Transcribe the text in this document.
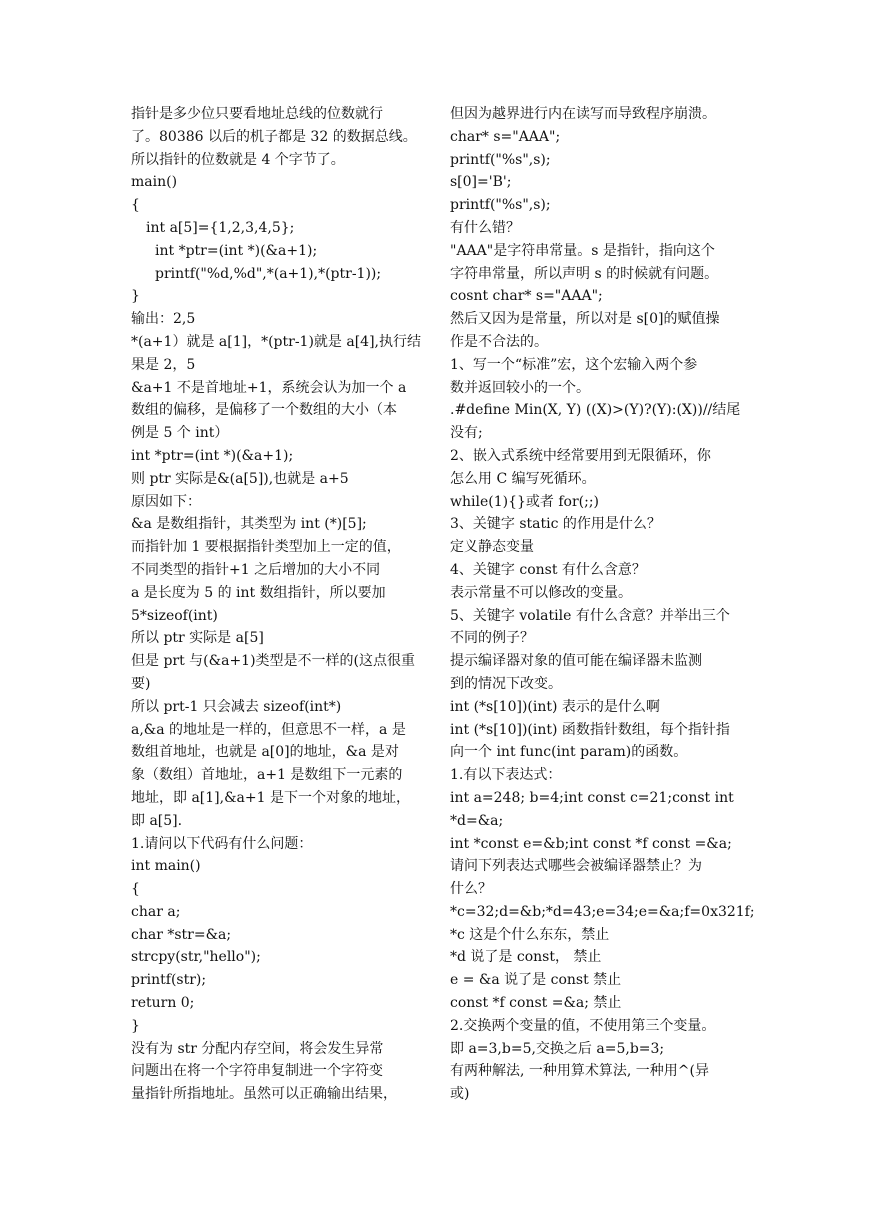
指针是多少位只要看地址总线的位数就行
了。80386 以后的机子都是 32 的数据总线。
所以指针的位数就是 4 个字节了。
main()
{
int a[5]={1,2,3,4,5};
int *ptr=(int *)(&a+1);
printf("%d,%d",*(a+1),*(ptr-1));
}
输出：2,5
*(a+1）就是 a[1]，*(ptr-1)就是 a[4],执行结
果是 2，5
&a+1 不是首地址+1，系统会认为加一个 a
数组的偏移，是偏移了一个数组的大小（本
例是 5 个 int）
int *ptr=(int *)(&a+1);
则 ptr 实际是&(a[5]),也就是 a+5
原因如下：
&a 是数组指针，其类型为 int (*)[5];
而指针加 1 要根据指针类型加上一定的值，
不同类型的指针+1 之后增加的大小不同
a 是长度为 5 的 int 数组指针，所以要加
5*sizeof(int)
所以 ptr 实际是 a[5]
但是 prt 与(&a+1)类型是不一样的(这点很重
要)
所以 prt-1 只会减去 sizeof(int*)
a,&a 的地址是一样的，但意思不一样，a 是
数组首地址，也就是 a[0]的地址，&a 是对
象（数组）首地址，a+1 是数组下一元素的
地址，即 a[1],&a+1 是下一个对象的地址，
即 a[5].
1.请问以下代码有什么问题：
int main()
{
char a;
char *str=&a;
strcpy(str,"hello");
printf(str);
return 0;
}
没有为 str 分配内存空间，将会发生异常
问题出在将一个字符串复制进一个字符变
量指针所指地址。虽然可以正确输出结果，
但因为越界进行内在读写而导致程序崩溃。
char* s="AAA";
printf("%s",s);
s[0]='B';
printf("%s",s);
有什么错？
"AAA"是字符串常量。s 是指针，指向这个
字符串常量，所以声明 s 的时候就有问题。
cosnt char* s="AAA";
然后又因为是常量，所以对是 s[0]的赋值操
作是不合法的。
1、写一个“标准”宏，这个宏输入两个参
数并返回较小的一个。
.#define Min(X, Y) ((X)>(Y)?(Y):(X))//结尾
没有;
2、嵌入式系统中经常要用到无限循环，你
怎么用 C 编写死循环。
while(1){}或者 for(;;)
3、关键字 static 的作用是什么？
定义静态变量
4、关键字 const 有什么含意？
表示常量不可以修改的变量。
5、关键字 volatile 有什么含意？并举出三个
不同的例子？
提示编译器对象的值可能在编译器未监测
到的情况下改变。
int (*s[10])(int) 表示的是什么啊
int (*s[10])(int) 函数指针数组，每个指针指
向一个 int func(int param)的函数。
1.有以下表达式：
int a=248; b=4;int const c=21;const int
*d=&a;
int *const e=&b;int const *f const =&a;
请问下列表达式哪些会被编译器禁止？为
什么？
*c=32;d=&b;*d=43;e=34;e=&a;f=0x321f;
*c 这是个什么东东，禁止
*d 说了是 const， 禁止
e = &a 说了是 const 禁止
const *f const =&a; 禁止
2.交换两个变量的值，不使用第三个变量。
即 a=3,b=5,交换之后 a=5,b=3;
有两种解法, 一种用算术算法, 一种用^(异
或)
